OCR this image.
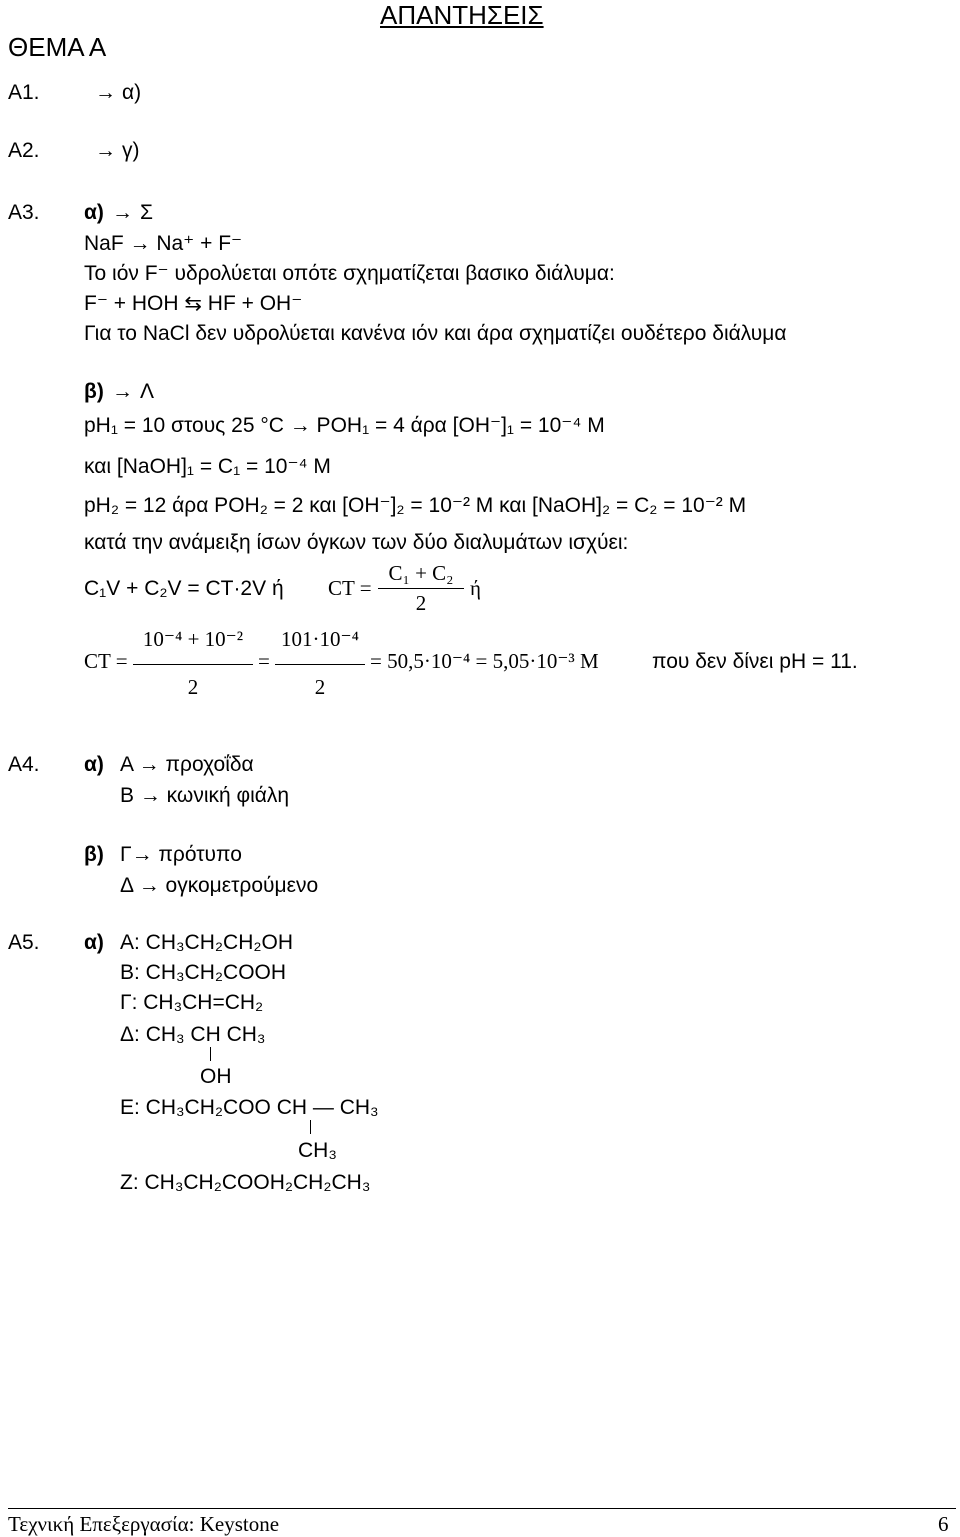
ΑΠΑΝΤΗΣΕΙΣ
ΘΕΜΑ Α
Α1.	→ α)
Α2.	→ γ)
Α3. α) → Σ
NaF → Na⁺ + F⁻
Το ιόν F⁻ υδρολύεται οπότε σχηματίζεται βασικο διάλυμα:
F⁻ + HOH ⇆ HF + OH⁻
Για το NaCl δεν υδρολύεται κανένα ιόν και άρα σχηματίζει ουδέτερο διάλυμα
β) → Λ
pH₁ = 10 στους 25 °C → POH₁ = 4 άρα [OH⁻]₁ = 10⁻⁴ M
και [NaOH]₁ = C₁ = 10⁻⁴ M
pH₂ = 12 άρα POH₂ = 2 και [OH⁻]₂ = 10⁻² M και [NaOH]₂ = C₂ = 10⁻² M
κατά την ανάμειξη ίσων όγκων των δύο διαλυμάτων ισχύει:
C₁V + C₂V = CT·2V ή CT =
C₁ + C₂
2
ή
CT =
10⁻⁴ + 10⁻²
2
=
101·10⁻⁴
2
= 50,5·10⁻⁴ = 5,05·10⁻³ M	που δεν δίνει pH = 11.
Α4. α) Α → προχοΐδα
Β → κωνική φιάλη
β) Γ→ πρότυπο
Δ → ογκομετρούμενο
Α5. α) Α: CH₃CH₂CH₂OH
Β: CH₃CH₂COOH
Γ: CH₃CH=CH₂
Δ: CH₃ CH CH₃
OH
Ε: CH₃CH₂COO CH — CH₃
CH₃
Ζ: CH₃CH₂COOH₂CH₂CH₃
Τεχνική Επεξεργασία: Keystone	6
